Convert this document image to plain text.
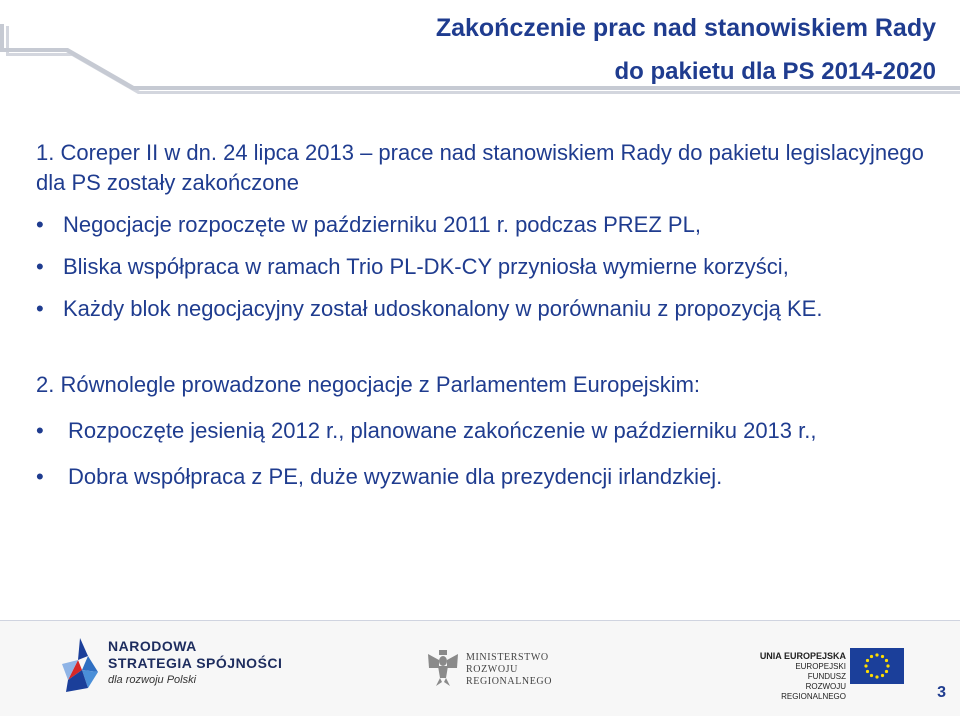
Zakończenie prac nad stanowiskiem Rady
do pakietu dla PS 2014-2020

1. Coreper II w dn. 24 lipca 2013 – prace nad stanowiskiem Rady do pakietu legislacyjnego dla PS zostały zakończone

• Negocjacje rozpoczęte w październiku 2011 r. podczas PREZ PL,
• Bliska współpraca w ramach Trio PL-DK-CY przyniosła wymierne korzyści,
• Każdy blok negocjacyjny został udoskonalony w porównaniu z propozycją KE.

2. Równolegle prowadzone negocjacje z Parlamentem Europejskim:

• Rozpoczęte jesienią 2012 r., planowane zakończenie w październiku 2013 r.,
• Dobra współpraca z PE, duże wyzwanie dla prezydencji irlandzkiej.
NARODOWA
STRATEGIA SPÓJNOŚCI
dla rozwoju Polski
MINISTERSTWO
ROZWOJU
REGIONALNEGO
UNIA EUROPEJSKA
EUROPEJSKI FUNDUSZ
ROZWOJU REGIONALNEGO	3
